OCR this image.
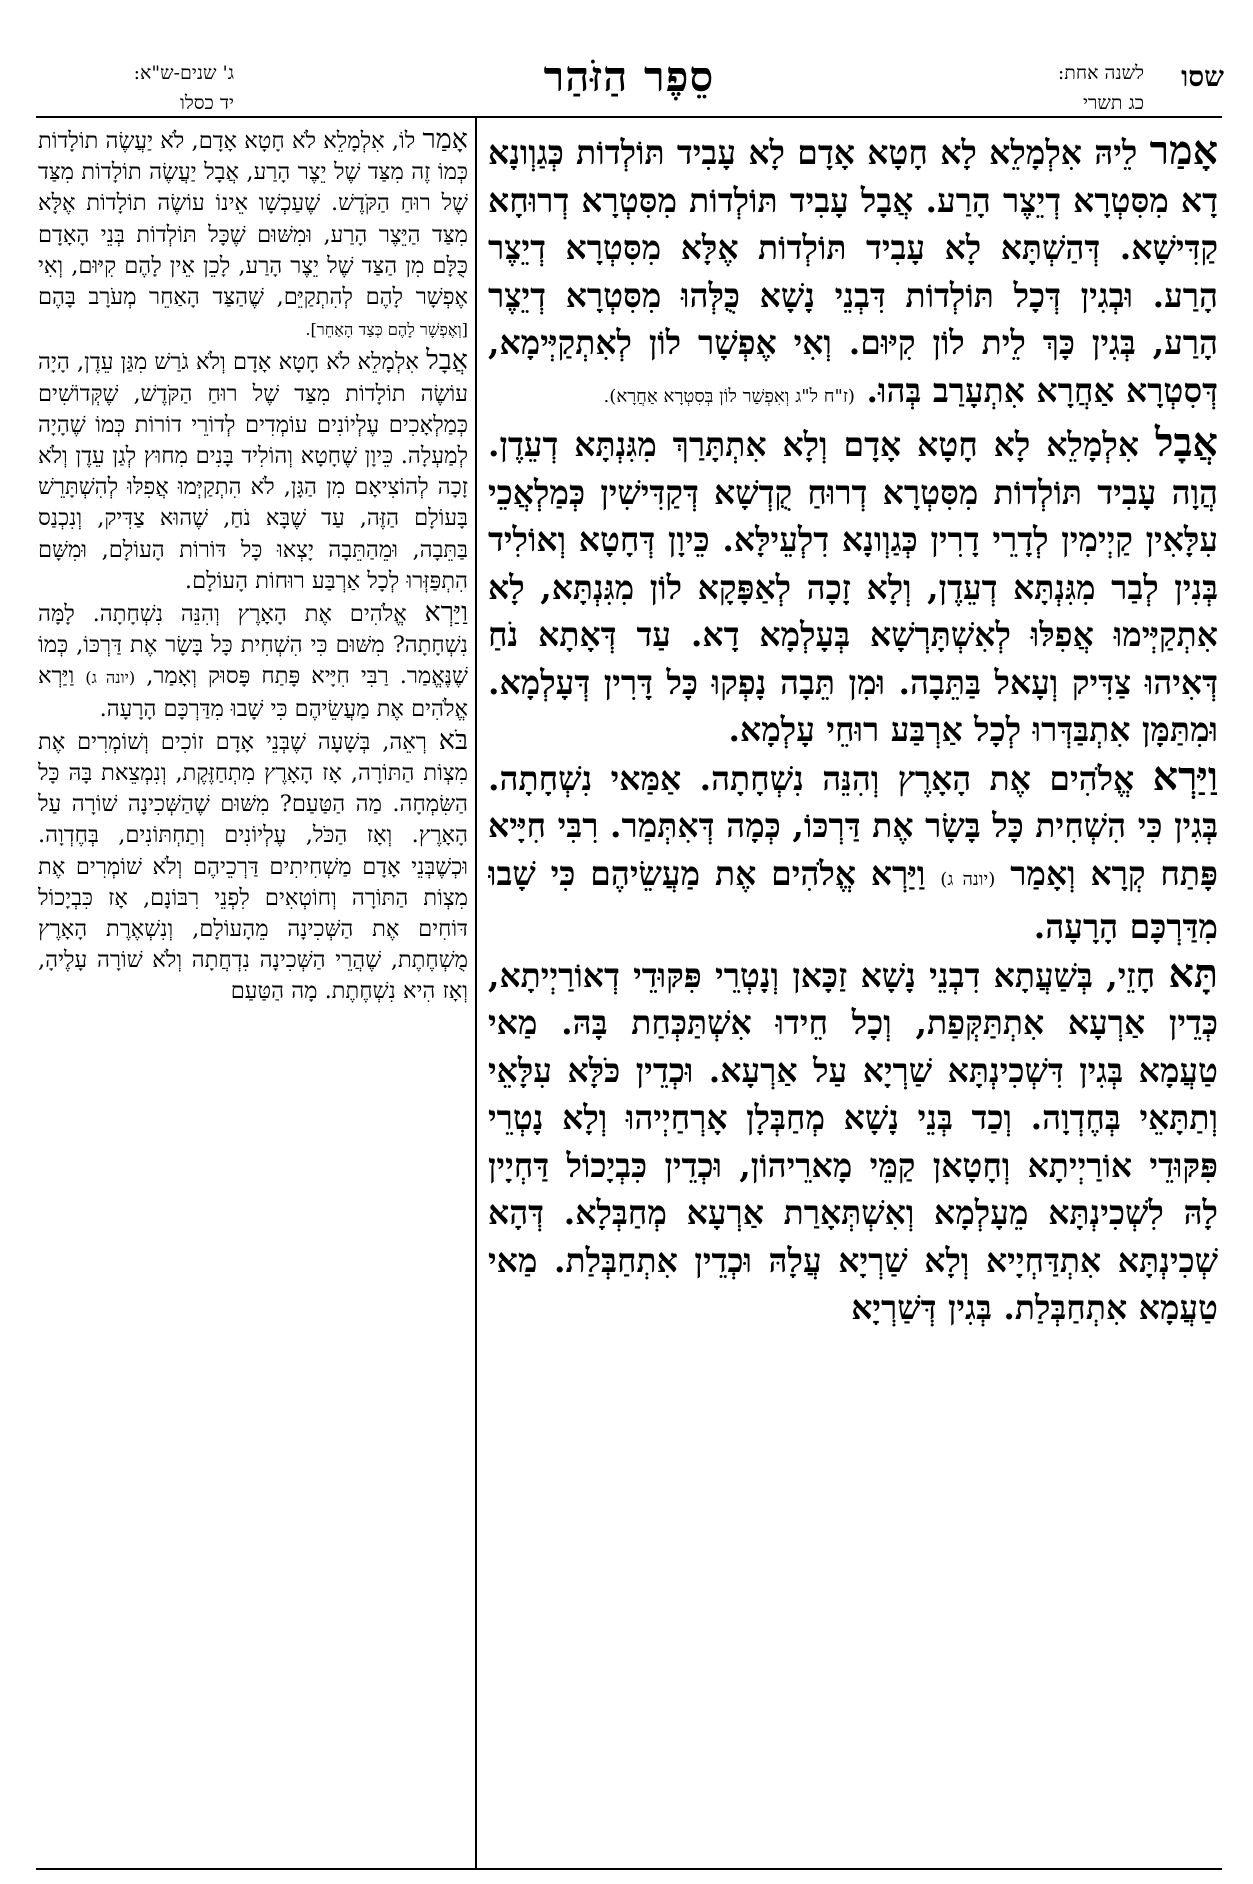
שסו
לשנה אחת:
כג תשרי
סֵפֶר הַזֹּהַר
ג' שנים-ש"א:
יד כסלו

אָמַר לֵיהּ אִלְמָלֵא לָא חָטָא אָדָם לָא עָבִיד תּוֹלְדוֹת כְּגַוְונָא דָא מִסִּטְרָא דְיֵצֶר הָרַע. אֲבָל עָבִיד תּוֹלְדוֹת מִסִּטְרָא דְרוּחָא קַדִּישָׁא. דְּהַשְׁתָּא לָא עָבִיד תּוֹלְדוֹת אֶלָּא מִסִּטְרָא דְיֵצֶר הָרַע. וּבְגִין דְּכָל תּוֹלְדוֹת דִּבְנֵי נָשָׁא כֻּלְּהוּ מִסִּטְרָא דְיֵצֶר הָרַע, בְּגִין כָּךְ לֵית לוֹן קִיּוּם. וְאִי אֶפְשָׁר לוֹן לְאִתְקַיְּימָא, דְּסִטְרָא אַחֲרָא אִתְעָרַב בְּהוּ. (ז"ח ל"ג וְאִפְשַׁר לוֹן בְּסִטְרָא אַחֲרָא).

אֲבָל אִלְמָלֵא לָא חָטָא אָדָם וְלָא אִתְתָּרַךְ מִגִּנְתָּא דְעֵדֶן. הֲוָה עָבִיד תּוֹלְדוֹת מִסִּטְרָא דְרוּחַ קֻדְשָׁא דְּקַדִּישִׁין כְּמַלְאֲכֵי עִלָּאִין קַיְימִין לְדָרֵי דָרִין כְּגַוְונָא דִלְעֵילָּא. כֵּיוָן דְּחָטָא וְאוֹלִיד בְּנִין לְבַר מִגִּנְתָּא דְעֵדֶן, וְלָא זָכָה לְאַפָּקָא לוֹן מִגִּנְתָּא, לָא אִתְקַיְּימוּ אֲפִלּוּ לְאִשְׁתָּרְשָׁא בְּעָלְמָא דָא. עַד דְּאָתָא נֹחַ דְּאִיהוּ צַדִּיק וְעָאל בַּתֵּבָה. וּמִן תֵּבָה נָפְקוּ כָּל דָּרִין דְּעָלְמָא. וּמִתַּמָּן אִתְבַּדְּרוּ לְכָל אַרְבַּע רוּחֵי עָלְמָא.

וַיַּרְא אֱלֹהִים אֶת הָאָרֶץ וְהִנֵּה נִשְׁחָתָה. אַמַּאי נִשְׁחָתָה. בְּגִין כִּי הִשְׁחִית כָּל בָּשָׂר אֶת דַּרְכּוֹ, כְּמָה דְּאִתְּמַר. רִבִּי חִיָּיא פָּתַח קְרָא וְאָמַר (יונה ג) וַיַּרְא אֱלֹהִים אֶת מַעֲשֵׂיהֶם כִּי שָׁבוּ מִדַּרְכָּם הָרָעָה.

תָּא חָזֵי, בְּשַׁעֲתָא דִבְנֵי נָשָׁא זַכָּאן וְנָטְרֵי פִּקּוּדֵי דְאוֹרַיְיתָא, כְּדֵין אַרְעָא אִתְתַּקְּפַת, וְכָל חֵידוּ אִשְׁתַּכְּחַת בָּהּ. מַאי טַעֲמָא בְּגִין דִּשְׁכִינְתָּא שַׁרְיָא עַל אַרְעָא. וּכְדֵין כֹּלָּא עִלָּאֵי וְתַתָּאֵי בְּחֶדְוָה. וְכַד בְּנֵי נָשָׁא מְחַבְּלָן אָרְחַיְיהוּ וְלָא נָטְרֵי פִּקּוּדֵי אוֹרַיְיתָא וְחָטָאן קַמֵּי מָארֵיהוֹן, וּכְדֵין כִּבְיָכוֹל דַּחְיָין לָהּ לִשְׁכִינְתָּא מֵעָלְמָא וְאִשְׁתְּאָרַת אַרְעָא מְחַבְּלָא. דְּהָא שְׁכִינְתָּא אִתְדַּחְיָיא וְלָא שַׁרְיָא עֲלָהּ וּכְדֵין אִתְחַבְּלַת. מַאי טַעֲמָא אִתְחַבְּלַת. בְּגִין דְּשַׁרְיָא

אָמַר לוֹ, אִלְמָלֵא לֹא חָטָא אָדָם, לֹא יַעֲשֶׂה תוֹלָדוֹת כְּמוֹ זֶה מִצַּד שֶׁל יֵצֶר הָרַע, אֲבָל יַעֲשֶׂה תוֹלָדוֹת מִצַּד שֶׁל רוּחַ הַקֹּדֶשׁ. שֶׁעַכְשָׁו אֵינוֹ עוֹשֶׂה תוֹלָדוֹת אֶלָּא מִצַּד הַיֵּצֶר הָרַע, וּמִשּׁוּם שֶׁכָּל תּוֹלְדוֹת בְּנֵי הָאָדָם כֻּלָּם מִן הַצַּד שֶׁל יֵצֶר הָרַע, לָכֵן אֵין לָהֶם קִיּוּם, וְאִי אֶפְשָׁר לָהֶם לְהִתְקַיֵּם, שֶׁהַצַּד הָאַחֵר מְעֹרָב בָּהֶם [וְאֶפְשָׁר לָהֶם כְּצַד הָאַחֵר].

אֲבָל אִלְמָלֵא לֹא חָטָא אָדָם וְלֹא גֹרַשׁ מִגַּן עֵדֶן, הָיָה עוֹשֶׂה תוֹלָדוֹת מִצַּד שֶׁל רוּחַ הַקֹּדֶשׁ, שֶׁקְּדוֹשִׁים כְּמַלְאָכִים עֶלְיוֹנִים עוֹמְדִים לְדוֹרֵי דוֹרוֹת כְּמוֹ שֶׁהָיָה לְמַעְלָה. כֵּיוָן שֶׁחָטָא וְהוֹלִיד בָּנִים מִחוּץ לְגַן עֵדֶן וְלֹא זָכָה לְהוֹצִיאָם מִן הַגָּן, לֹא הִתְקַיְּמוּ אֲפִלּוּ לְהִשְׁתָּרֵשׁ בָּעוֹלָם הַזֶּה, עַד שֶׁבָּא נֹחַ, שֶׁהוּא צַדִּיק, וְנִכְנַס בַּתֵּבָה, וּמֵהַתֵּבָה יָצְאוּ כָּל דּוֹרוֹת הָעוֹלָם, וּמִשָּׁם הִתְפַּזְּרוּ לְכָל אַרְבַּע רוּחוֹת הָעוֹלָם.

וַיַּרְא אֱלֹהִים אֶת הָאָרֶץ וְהִנֵּה נִשְׁחָתָה. לָמָּה נִשְׁחָתָה? מִשּׁוּם כִּי הִשְׁחִית כָּל בָּשָׂר אֶת דַּרְכּוֹ, כְּמוֹ שֶׁנֶּאֱמַר. רַבִּי חִיָּיא פָּתַח פָּסוּק וְאָמַר, (יונה ג) וַיַּרְא אֱלֹהִים אֶת מַעֲשֵׂיהֶם כִּי שָׁבוּ מִדַּרְכָּם הָרָעָה.

בֹּא רְאֵה, בְּשָׁעָה שֶׁבְּנֵי אָדָם זוֹכִים וְשׁוֹמְרִים אֶת מִצְוֹת הַתּוֹרָה, אָז הָאָרֶץ מִתְחַזֶּקֶת, וְנִמְצֵאת בָּהּ כָּל הַשִּׂמְחָה. מַה הַטַּעַם? מִשּׁוּם שֶׁהַשְּׁכִינָה שׁוֹרָה עַל הָאָרֶץ. וְאָז הַכֹּל, עֶלְיוֹנִים וְתַחְתּוֹנִים, בְּחֶדְוָה. וּכְשֶׁבְּנֵי אָדָם מַשְׁחִיתִים דַּרְכֵיהֶם וְלֹא שׁוֹמְרִים אֶת מִצְוֹת הַתּוֹרָה וְחוֹטְאִים לִפְנֵי רִבּוֹנָם, אָז כִּבְיָכוֹל דּוֹחִים אֶת הַשְּׁכִינָה מֵהָעוֹלָם, וְנִשְׁאֶרֶת הָאָרֶץ מֻשְׁחֶתֶת, שֶׁהֲרֵי הַשְּׁכִינָה נִדְחֲתָה וְלֹא שׁוֹרָה עָלֶיהָ, וְאָז הִיא נִשְׁחֶתֶת. מָה הַטַּעַם
